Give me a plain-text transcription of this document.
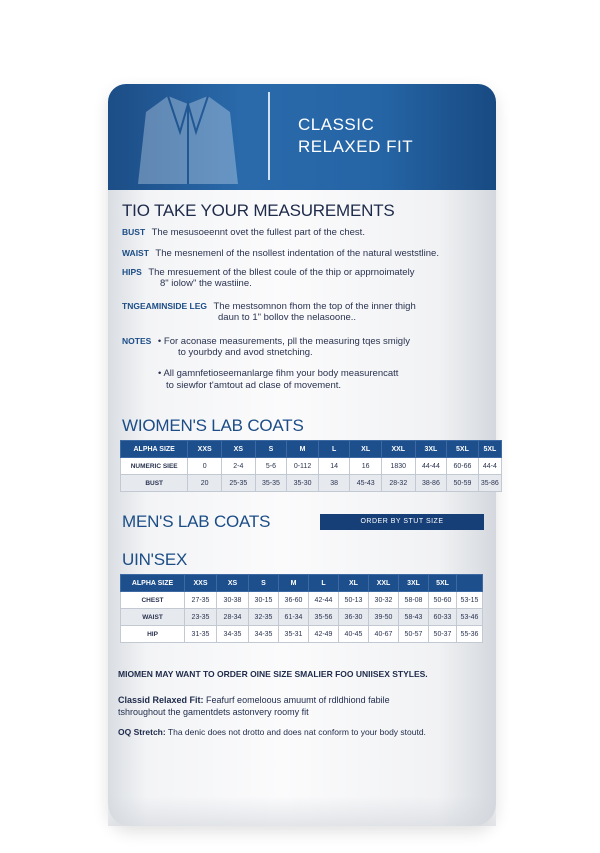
CLASSIC
RELAXED FIT
TIO TAKE YOUR MEASUREMENTS
BUST The mesusoeennt ovet the fullest part of the chest.
WAIST The mesnemenl of the nsollest indentation of the natural weststline.
HIPS The mresuement of the bllest coule of the thip or apprnoimately
8" iolow" the wastiine.
TNGEAMINSIDE LEG The mestsomnon fhom the top of the inner thigh
daun to 1" bollov the nelasoone..
NOTES • For aconase measurements, pll the measuring tqes smigly
to yourbdy and avod stnetching.
• All gamnfetioseemanlarge fihm your body measurencatt
to siewfor t'amtout ad clase of movement.
WIOMEN'S LAB COATS
ALPHA SIZE	XXS	XS	S	M	L	XL	XXL	3XL	5XL	5XL
NUMERIC SIEE	0	2-4	5-6	0-112	14	16	1830	44-44	60-66	44-4
BUST	20	25-35	35-35	35-30	38	45-43	28-32	38-86	50-59	35-86
MEN'S LAB COATS	ORDER BY STUT SIZE
UIN'SEX
ALPHA SIZE	XXS	XS	S	M	L	XL	XXL	3XL	5XL	
CHEST	27-35	30-38	30-15	36-60	42-44	50-13	30-32	58-08	50-60	53-15
WAIST	23-35	28-34	32-35	61-34	35-56	36-30	39-50	58-43	60-33	53-46
HIP	31-35	34-35	34-35	35-31	42-49	40-45	40-67	50-57	50-37	55-36
MIOMEN MAY WANT TO ORDER OINE SIZE SMALIER FOO UNIISEX STYLES.
Classid Relaxed Fit: Feafurf eomeloous amuumt of rdldhiond fabile
tshroughout the gamentdets astonvery roomy fit
OQ Stretch: Tha denic does not drotto and does nat conform to your body stoutd.
